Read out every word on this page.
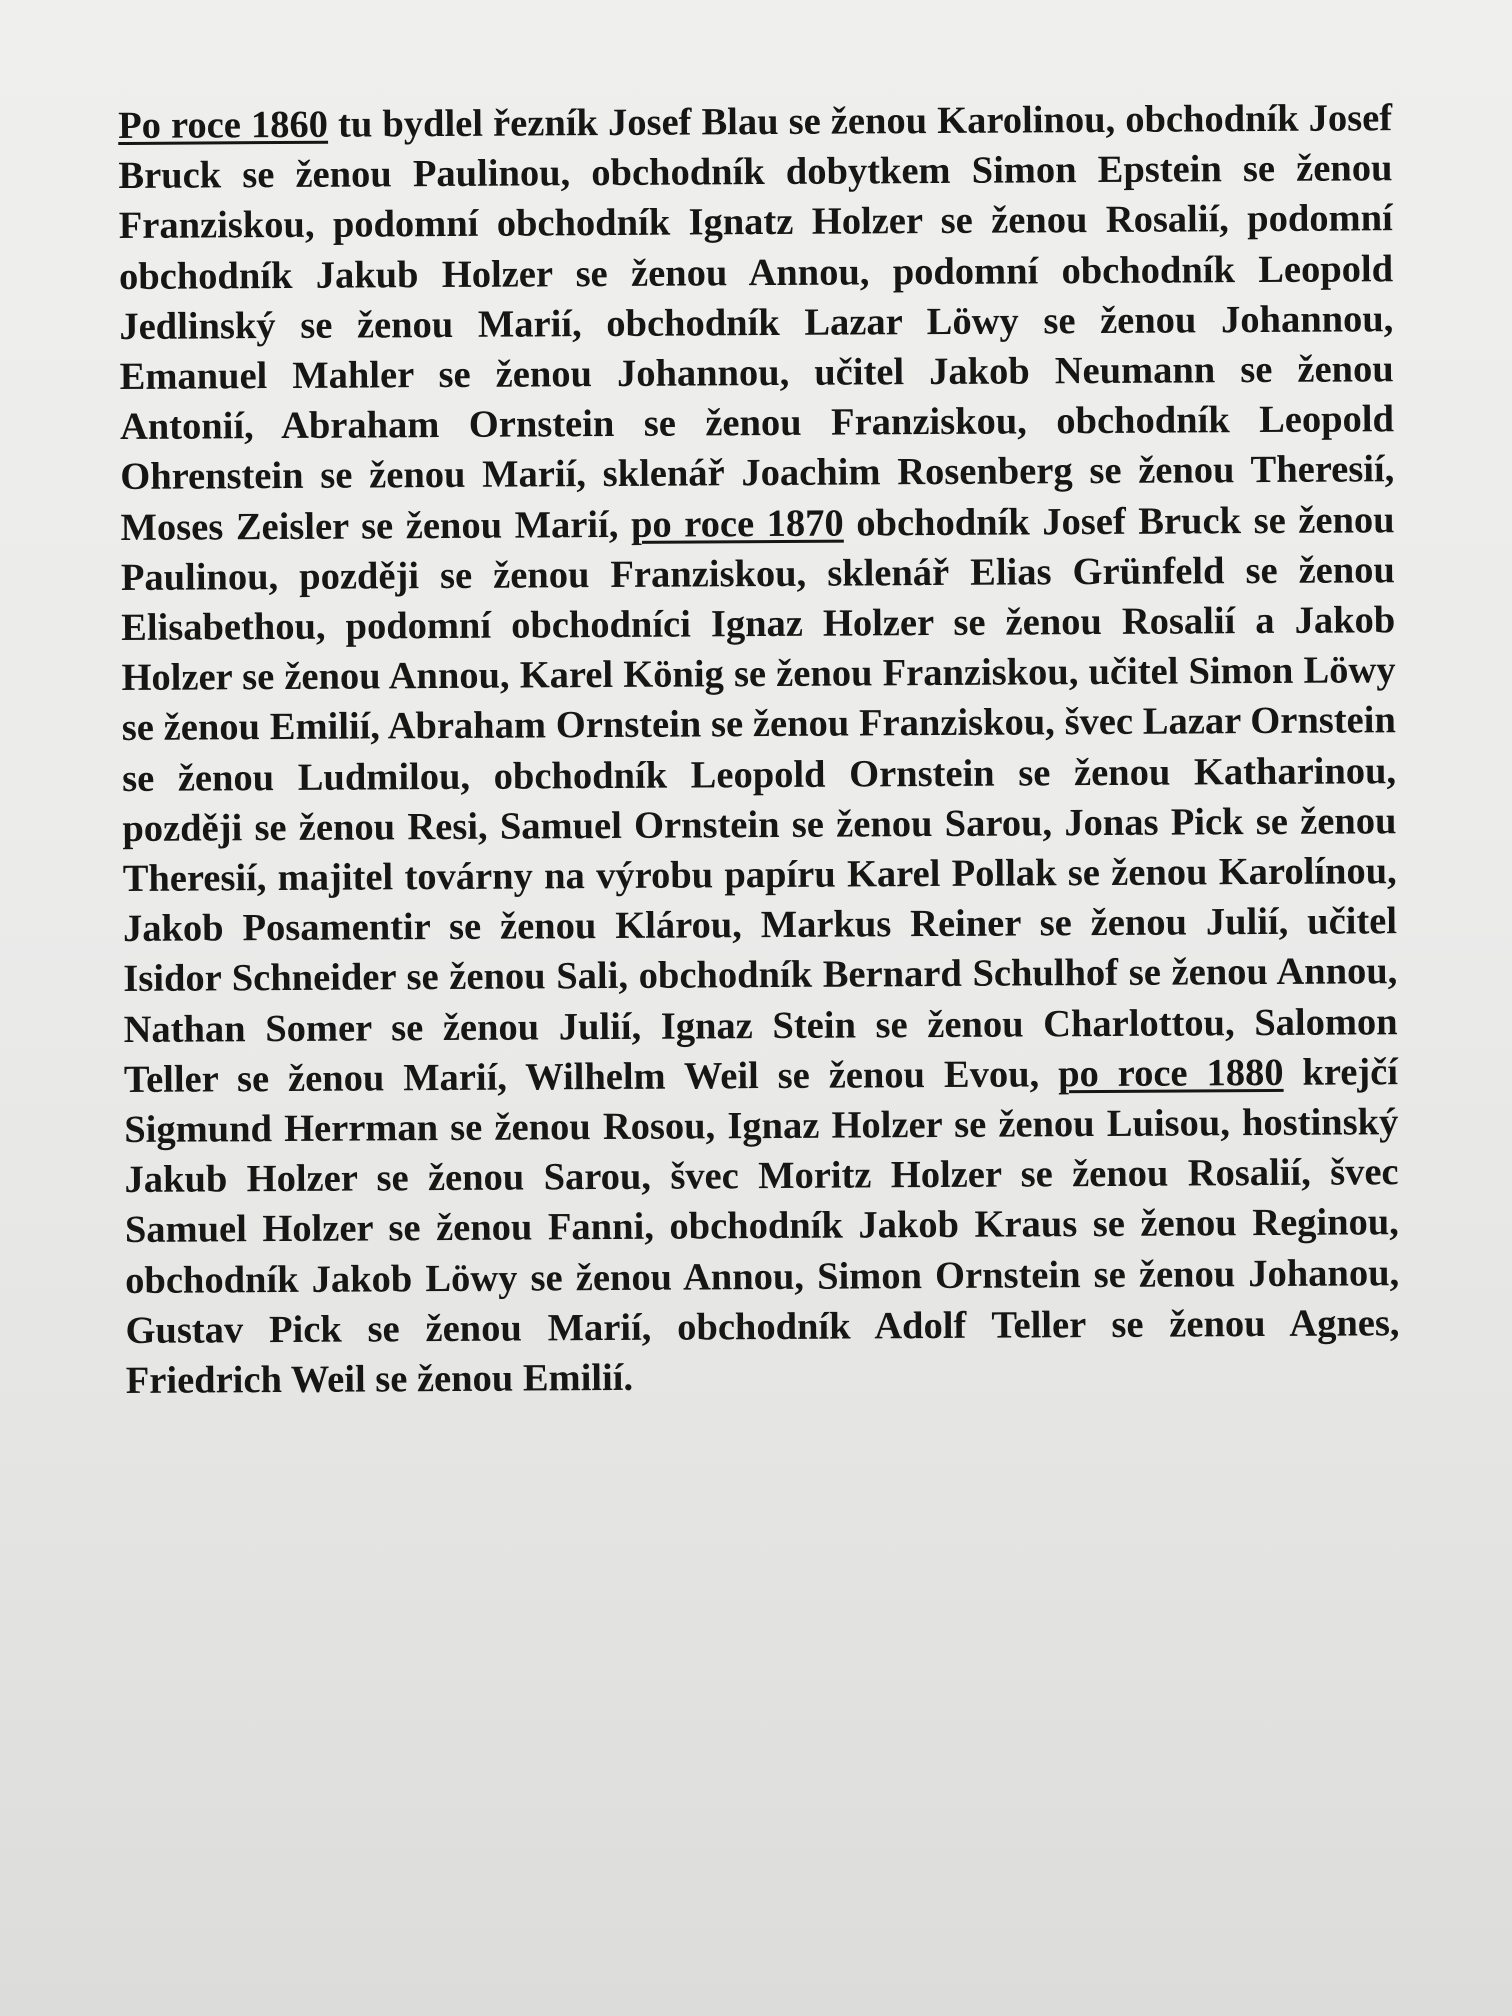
Po roce 1860 tu bydlel řezník Josef Blau se ženou Karolinou, obchodník Josef Bruck se ženou Paulinou, obchodník dobytkem Simon Epstein se ženou Franziskou, podomní obchodník Ignatz Holzer se ženou Rosalií, podomní obchodník Jakub Holzer se ženou Annou, podomní obchodník Leopold Jedlinský se ženou Marií, obchodník Lazar Löwy se ženou Johannou, Emanuel Mahler se ženou Johannou, učitel Jakob Neumann se ženou Antonií, Abraham Ornstein se ženou Franziskou, obchodník Leopold Ohrenstein se ženou Marií, sklenář Joachim Rosenberg se ženou Theresií, Moses Zeisler se ženou Marií, po roce 1870 obchodník Josef Bruck se ženou Paulinou, později se ženou Franziskou, sklenář Elias Grünfeld se ženou Elisabethou, podomní obchodníci Ignaz Holzer se ženou Rosalií a Jakob Holzer se ženou Annou, Karel König se ženou Franziskou, učitel Simon Löwy se ženou Emilií, Abraham Ornstein se ženou Franziskou, švec Lazar Ornstein se ženou Ludmilou, obchodník Leopold Ornstein se ženou Katharinou, později se ženou Resi, Samuel Ornstein se ženou Sarou, Jonas Pick se ženou Theresií, majitel továrny na výrobu papíru Karel Pollak se ženou Karolínou, Jakob Posamentir se ženou Klárou, Markus Reiner se ženou Julií, učitel Isidor Schneider se ženou Sali, obchodník Bernard Schulhof se ženou Annou, Nathan Somer se ženou Julií, Ignaz Stein se ženou Charlottou, Salomon Teller se ženou Marií, Wilhelm Weil se ženou Evou, po roce 1880 krejčí Sigmund Herrman se ženou Rosou, Ignaz Holzer se ženou Luisou, hostinský Jakub Holzer se ženou Sarou, švec Moritz Holzer se ženou Rosalií, švec Samuel Holzer se ženou Fanni, obchodník Jakob Kraus se ženou Reginou, obchodník Jakob Löwy se ženou Annou, Simon Ornstein se ženou Johanou, Gustav Pick se ženou Marií, obchodník Adolf Teller se ženou Agnes, Friedrich Weil se ženou Emilií.
